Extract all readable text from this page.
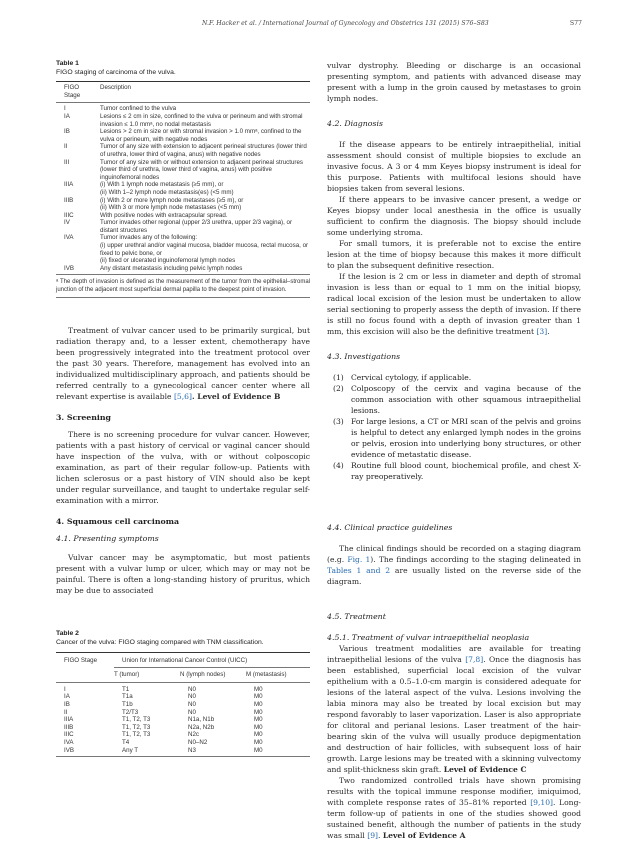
N.F. Hacker et al. / International Journal of Gynecology and Obstetrics 131 (2015) S76–S83	S77
Table 1
FIGO staging of carcinoma of the vulva.
FIGO Stage	Description
I	Tumor confined to the vulva
IA	Lesions ≤ 2 cm in size, confined to the vulva or perineum and with stromal invasion ≤ 1.0 mmᵃ, no nodal metastasis
IB	Lesions > 2 cm in size or with stromal invasion > 1.0 mmᵃ, confined to the vulva or perineum, with negative nodes
II	Tumor of any size with extension to adjacent perineal structures (lower third of urethra, lower third of vagina, anus) with negative nodes
III	Tumor of any size with or without extension to adjacent perineal structures (lower third of urethra, lower third of vagina, anus) with positive inguinofemoral nodes
IIIA	(i) With 1 lymph node metastasis (≥5 mm), or
	(ii) With 1–2 lymph node metastasis(es) (<5 mm)
IIIB	(i) With 2 or more lymph node metastases (≥5 m), or
	(ii) With 3 or more lymph node metastases (<5 mm)
IIIC	With positive nodes with extracapsular spread.
IV	Tumor invades other regional (upper 2/3 urethra, upper 2/3 vagina), or distant structures
IVA	Tumor invades any of the following:
	(i) upper urethral and/or vaginal mucosa, bladder mucosa, rectal mucosa, or fixed to pelvic bone, or
	(ii) fixed or ulcerated inguinofemoral lymph nodes
IVB	Any distant metastasis including pelvic lymph nodes
ᵃ The depth of invasion is defined as the measurement of the tumor from the epithelial–stromal junction of the adjacent most superficial dermal papilla to the deepest point of invasion.

Treatment of vulvar cancer used to be primarily surgical, but radiation therapy and, to a lesser extent, chemotherapy have been progressively integrated into the treatment protocol over the past 30 years. Therefore, management has evolved into an individualized multidisciplinary approach, and patients should be referred centrally to a gynecological cancer center where all relevant expertise is available [5,6]. Level of Evidence B

3. Screening

There is no screening procedure for vulvar cancer. However, patients with a past history of cervical or vaginal cancer should have inspection of the vulva, with or without colposcopic examination, as part of their regular follow-up. Patients with lichen sclerosus or a past history of VIN should also be kept under regular surveillance, and taught to undertake regular self-examination with a mirror.

4. Squamous cell carcinoma

4.1. Presenting symptoms

Vulvar cancer may be asymptomatic, but most patients present with a vulvar lump or ulcer, which may or may not be painful. There is often a long-standing history of pruritus, which may be due to associated

Table 2
Cancer of the vulva: FIGO staging compared with TNM classification.
FIGO Stage	Union for International Cancer Control (UICC)
	T (tumor)	N (lymph nodes)	M (metastasis)
I	T1	N0	M0
IA	T1a	N0	M0
IB	T1b	N0	M0
II	T2/T3	N0	M0
IIIA	T1, T2, T3	N1a, N1b	M0
IIIB	T1, T2, T3	N2a, N2b	M0
IIIC	T1, T2, T3	N2c	M0
IVA	T4	N0–N2	M0
IVB	Any T	N3	M0

vulvar dystrophy. Bleeding or discharge is an occasional presenting symptom, and patients with advanced disease may present with a lump in the groin caused by metastases to groin lymph nodes.

4.2. Diagnosis

If the disease appears to be entirely intraepithelial, initial assessment should consist of multiple biopsies to exclude an invasive focus. A 3 or 4 mm Keyes biopsy instrument is ideal for this purpose. Patients with multifocal lesions should have biopsies taken from several lesions.

If there appears to be invasive cancer present, a wedge or Keyes biopsy under local anesthesia in the office is usually sufficient to confirm the diagnosis. The biopsy should include some underlying stroma.

For small tumors, it is preferable not to excise the entire lesion at the time of biopsy because this makes it more difficult to plan the subsequent definitive resection.

If the lesion is 2 cm or less in diameter and depth of stromal invasion is less than or equal to 1 mm on the initial biopsy, radical local excision of the lesion must be undertaken to allow serial sectioning to properly assess the depth of invasion. If there is still no focus found with a depth of invasion greater than 1 mm, this excision will also be the definitive treatment [3].

4.3. Investigations

(1) Cervical cytology, if applicable.
(2) Colposcopy of the cervix and vagina because of the common association with other squamous intraepithelial lesions.
(3) For large lesions, a CT or MRI scan of the pelvis and groins is helpful to detect any enlarged lymph nodes in the groins or pelvis, erosion into underlying bony structures, or other evidence of metastatic disease.
(4) Routine full blood count, biochemical profile, and chest X-ray preoperatively.

4.4. Clinical practice guidelines

The clinical findings should be recorded on a staging diagram (e.g. Fig. 1). The findings according to the staging delineated in Tables 1 and 2 are usually listed on the reverse side of the diagram.

4.5. Treatment

4.5.1. Treatment of vulvar intraepithelial neoplasia

Various treatment modalities are available for treating intraepithelial lesions of the vulva [7,8]. Once the diagnosis has been established, superficial local excision of the vulvar epithelium with a 0.5–1.0-cm margin is considered adequate for lesions of the lateral aspect of the vulva. Lesions involving the labia minora may also be treated by local excision but may respond favorably to laser vaporization. Laser is also appropriate for clitoral and perianal lesions. Laser treatment of the hair-bearing skin of the vulva will usually produce depigmentation and destruction of hair follicles, with subsequent loss of hair growth. Large lesions may be treated with a skinning vulvectomy and split-thickness skin graft. Level of Evidence C

Two randomized controlled trials have shown promising results with the topical immune response modifier, imiquimod, with complete response rates of 35–81% reported [9,10]. Long-term follow-up of patients in one of the studies showed good sustained benefit, although the number of patients in the study was small [9]. Level of Evidence A
